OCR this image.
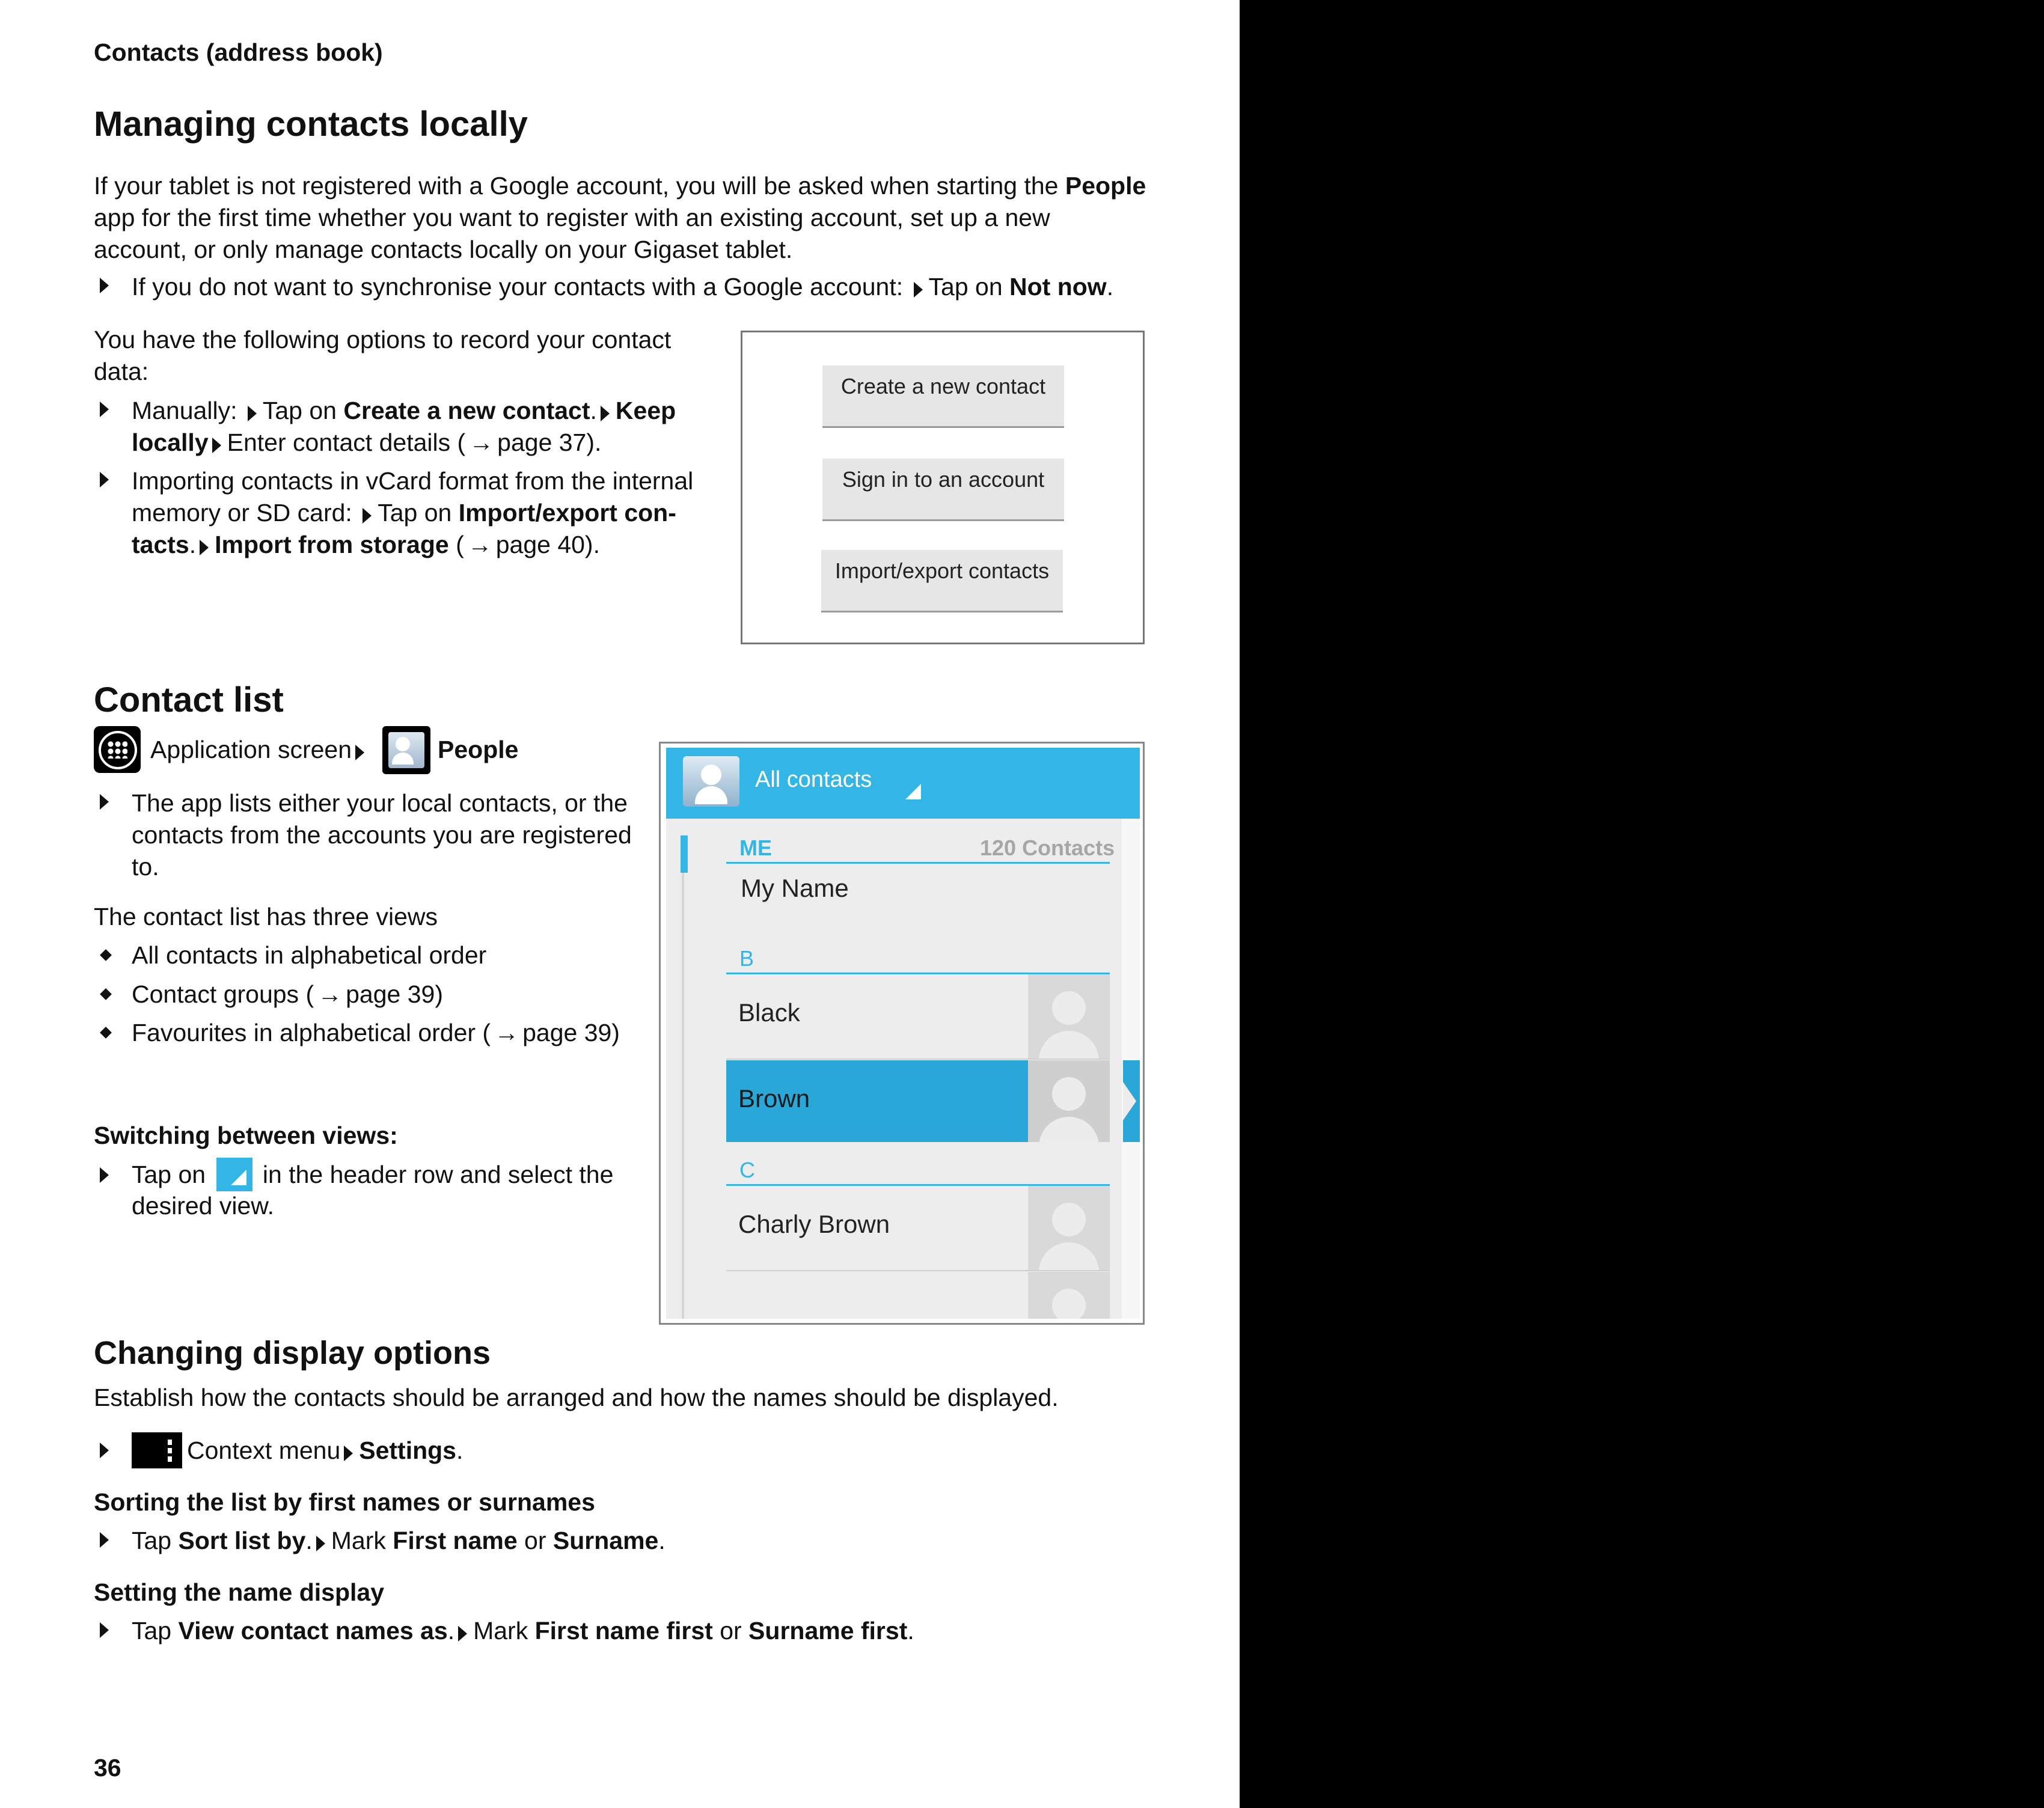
Contacts (address book)
Managing contacts locally
If your tablet is not registered with a Google account, you will be asked when starting the People
app for the first time whether you want to register with an existing account, set up a new
account, or only manage contacts locally on your Gigaset tablet.
If you do not want to synchronise your contacts with a Google account: Tap on Not now.
You have the following options to record your contact
data:
Manually: Tap on Create a new contact. Keep
locally Enter contact details ( → page 37).
Importing contacts in vCard format from the internal
memory or SD card: Tap on Import/export con-
tacts. Import from storage ( → page 40).
Create a new contact
Sign in to an account
Import/export contacts
Contact list
Application screen	People
The app lists either your local contacts, or the
contacts from the accounts you are registered
to.
The contact list has three views
All contacts in alphabetical order
Contact groups ( → page 39)
Favourites in alphabetical order ( → page 39)
Switching between views:
Tap on  in the header row and select the
desired view.
All contacts
ME	120 Contacts
My Name
B
Black
Brown
C
Charly Brown
Changing display options
Establish how the contacts should be arranged and how the names should be displayed.
Context menu Settings.
Sorting the list by first names or surnames
Tap Sort list by. Mark First name or Surname.
Setting the name display
Tap View contact names as. Mark First name first or Surname first.
36
